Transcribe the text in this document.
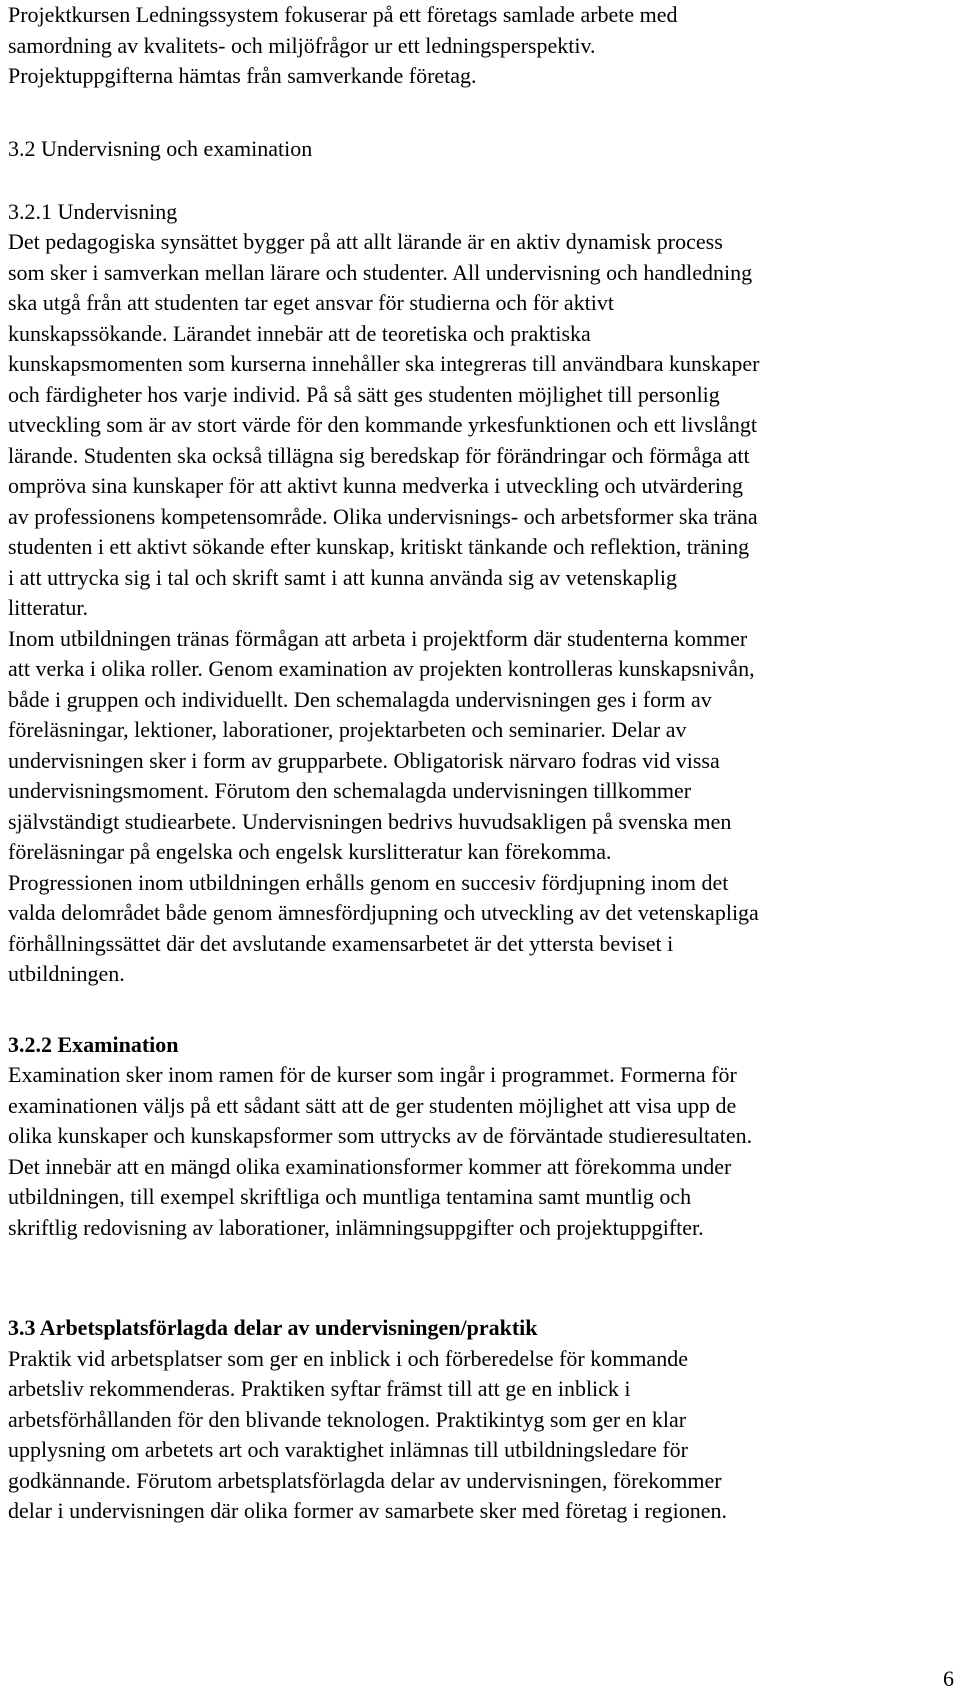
Projektkursen Ledningssystem fokuserar på ett företags samlade arbete med
samordning av kvalitets- och miljöfrågor ur ett ledningsperspektiv.
Projektuppgifterna hämtas från samverkande företag.
3.2 Undervisning och examination
3.2.1 Undervisning
Det pedagogiska synsättet bygger på att allt lärande är en aktiv dynamisk process
som sker i samverkan mellan lärare och studenter. All undervisning och handledning
ska utgå från att studenten tar eget ansvar för studierna och för aktivt
kunskapssökande. Lärandet innebär att de teoretiska och praktiska
kunskapsmomenten som kurserna innehåller ska integreras till användbara kunskaper
och färdigheter hos varje individ. På så sätt ges studenten möjlighet till personlig
utveckling som är av stort värde för den kommande yrkesfunktionen och ett livslångt
lärande. Studenten ska också tillägna sig beredskap för förändringar och förmåga att
ompröva sina kunskaper för att aktivt kunna medverka i utveckling och utvärdering
av professionens kompetensområde. Olika undervisnings- och arbetsformer ska träna
studenten i ett aktivt sökande efter kunskap, kritiskt tänkande och reflektion, träning
i att uttrycka sig i tal och skrift samt i att kunna använda sig av vetenskaplig
litteratur.
Inom utbildningen tränas förmågan att arbeta i projektform där studenterna kommer
att verka i olika roller. Genom examination av projekten kontrolleras kunskapsnivån,
både i gruppen och individuellt. Den schemalagda undervisningen ges i form av
föreläsningar, lektioner, laborationer, projektarbeten och seminarier. Delar av
undervisningen sker i form av grupparbete. Obligatorisk närvaro fodras vid vissa
undervisningsmoment. Förutom den schemalagda undervisningen tillkommer
självständigt studiearbete. Undervisningen bedrivs huvudsakligen på svenska men
föreläsningar på engelska och engelsk kurslitteratur kan förekomma.
Progressionen inom utbildningen erhålls genom en succesiv fördjupning inom det
valda delområdet både genom ämnesfördjupning och utveckling av det vetenskapliga
förhållningssättet där det avslutande examensarbetet är det yttersta beviset i
utbildningen.
3.2.2 Examination
Examination sker inom ramen för de kurser som ingår i programmet. Formerna för
examinationen väljs på ett sådant sätt att de ger studenten möjlighet att visa upp de
olika kunskaper och kunskapsformer som uttrycks av de förväntade studieresultaten.
Det innebär att en mängd olika examinationsformer kommer att förekomma under
utbildningen, till exempel skriftliga och muntliga tentamina samt muntlig och
skriftlig redovisning av laborationer, inlämningsuppgifter och projektuppgifter.
3.3 Arbetsplatsförlagda delar av undervisningen/praktik
Praktik vid arbetsplatser som ger en inblick i och förberedelse för kommande
arbetsliv rekommenderas. Praktiken syftar främst till att ge en inblick i
arbetsförhållanden för den blivande teknologen. Praktikintyg som ger en klar
upplysning om arbetets art och varaktighet inlämnas till utbildningsledare för
godkännande. Förutom arbetsplatsförlagda delar av undervisningen, förekommer
delar i undervisningen där olika former av samarbete sker med företag i regionen.
6
